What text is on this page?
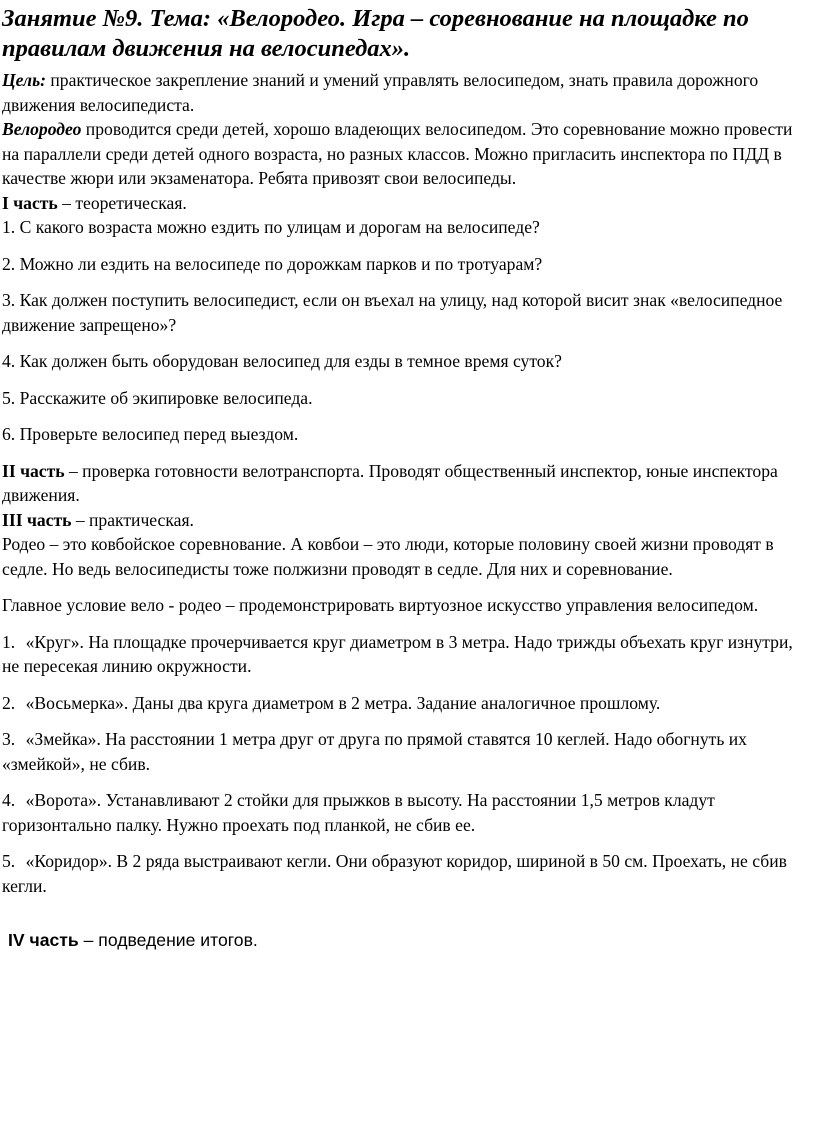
Занятие №9. Тема: «Велородео. Игра – соревнование на площадке по правилам движения на велосипедах».

Цель: практическое закрепление знаний и умений управлять велосипедом, знать правила дорожного движения велосипедиста.

Велородео проводится среди детей, хорошо владеющих велосипедом. Это соревнование можно провести на параллели среди детей одного возраста, но разных классов. Можно пригласить инспектора по ПДД в качестве жюри или экзаменатора. Ребята привозят свои велосипеды.

I часть – теоретическая.

1. С какого возраста можно ездить по улицам и дорогам на велосипеде?

2. Можно ли ездить на велосипеде по дорожкам парков и по тротуарам?

3. Как должен поступить велосипедист, если он въехал на улицу, над которой висит знак «велосипедное движение запрещено»?

4. Как должен быть оборудован велосипед для езды в темное время суток?

5. Расскажите об экипировке велосипеда.

6. Проверьте велосипед перед выездом.

II часть – проверка готовности велотранспорта. Проводят общественный инспектор, юные инспектора движения.

III часть – практическая.

Родео – это ковбойское соревнование. А ковбои – это люди, которые половину своей жизни проводят в седле. Но ведь велосипедисты тоже полжизни проводят в седле. Для них и соревнование.

Главное условие вело - родео – продемонстрировать виртуозное искусство управления велосипедом.

1. «Круг». На площадке прочерчивается круг диаметром в 3 метра. Надо трижды объехать круг изнутри, не пересекая линию окружности.

2. «Восьмерка». Даны два круга диаметром в 2 метра. Задание аналогичное прошлому.

3. «Змейка». На расстоянии 1 метра друг от друга по прямой ставятся 10 кеглей. Надо обогнуть их «змейкой», не сбив.

4. «Ворота». Устанавливают 2 стойки для прыжков в высоту. На расстоянии 1,5 метров кладут горизонтально палку. Нужно проехать под планкой, не сбив ее.

5. «Коридор». В 2 ряда выстраивают кегли. Они образуют коридор, шириной в 50 см. Проехать, не сбив кегли.

IV часть – подведение итогов.
